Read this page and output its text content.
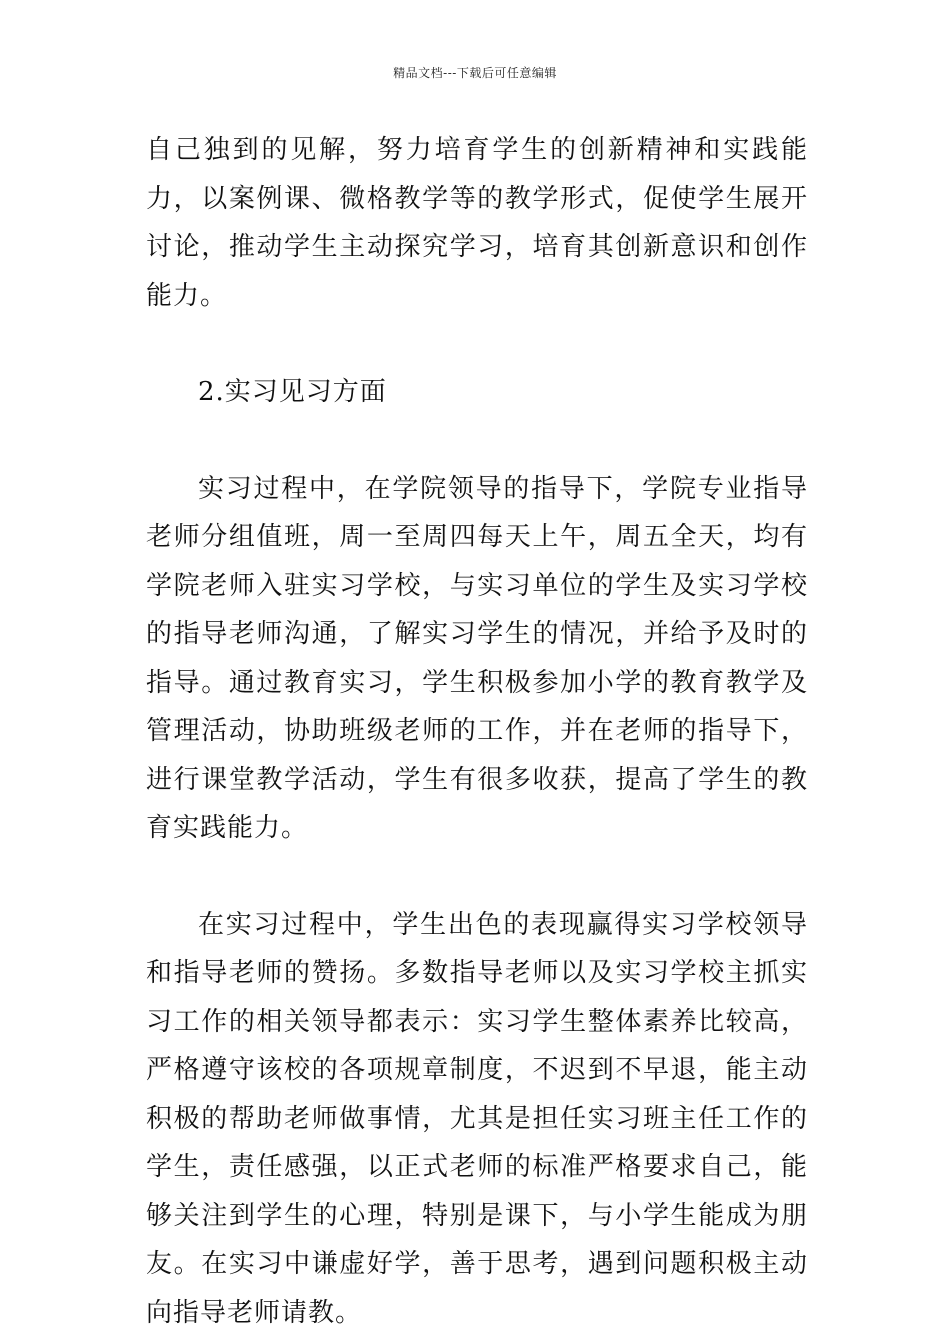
精品文档---下载后可任意编辑

自己独到的见解，努力培育学生的创新精神和实践能力，以案例课、微格教学等的教学形式，促使学生展开讨论，推动学生主动探究学习，培育其创新意识和创作能力。

2.实习见习方面

实习过程中，在学院领导的指导下，学院专业指导老师分组值班，周一至周四每天上午，周五全天，均有学院老师入驻实习学校，与实习单位的学生及实习学校的指导老师沟通，了解实习学生的情况，并给予及时的指导。通过教育实习，学生积极参加小学的教育教学及管理活动，协助班级老师的工作，并在老师的指导下，进行课堂教学活动，学生有很多收获，提高了学生的教育实践能力。

在实习过程中，学生出色的表现赢得实习学校领导和指导老师的赞扬。多数指导老师以及实习学校主抓实习工作的相关领导都表示：实习学生整体素养比较高，严格遵守该校的各项规章制度，不迟到不早退，能主动积极的帮助老师做事情，尤其是担任实习班主任工作的学生，责任感强，以正式老师的标准严格要求自己，能够关注到学生的心理，特别是课下，与小学生能成为朋友。在实习中谦虚好学，善于思考，遇到问题积极主动向指导老师请教。
